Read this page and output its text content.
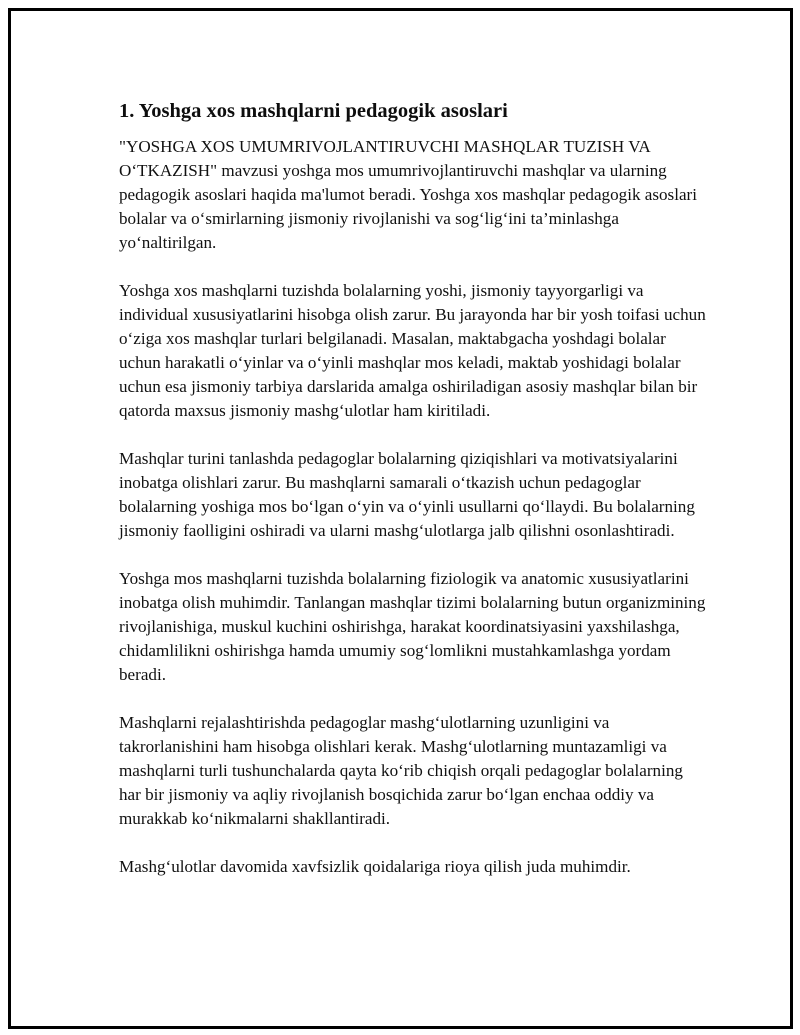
1. Yoshga xos mashqlarni pedagogik asoslari

"YOSHGA XOS UMUMRIVOJLANTIRUVCHI MASHQLAR TUZISH VA O‘TKAZISH" mavzusi yoshga mos umumrivojlantiruvchi mashqlar va ularning pedagogik asoslari haqida ma'lumot beradi. Yoshga xos mashqlar pedagogik asoslari bolalar va o‘smirlarning jismoniy rivojlanishi va sog‘lig‘ini ta’minlashga yo‘naltirilgan.

Yoshga xos mashqlarni tuzishda bolalarning yoshi, jismoniy tayyorgarligi va individual xususiyatlarini hisobga olish zarur. Bu jarayonda har bir yosh toifasi uchun o‘ziga xos mashqlar turlari belgilanadi. Masalan, maktabgacha yoshdagi bolalar uchun harakatli o‘yinlar va o‘yinli mashqlar mos keladi, maktab yoshidagi bolalar uchun esa jismoniy tarbiya darslarida amalga oshiriladigan asosiy mashqlar bilan bir qatorda maxsus jismoniy mashg‘ulotlar ham kiritiladi.

Mashqlar turini tanlashda pedagoglar bolalarning qiziqishlari va motivatsiyalarini inobatga olishlari zarur. Bu mashqlarni samarali o‘tkazish uchun pedagoglar bolalarning yoshiga mos bo‘lgan o‘yin va o‘yinli usullarni qo‘llaydi. Bu bolalarning jismoniy faolligini oshiradi va ularni mashg‘ulotlarga jalb qilishni osonlashtiradi.

Yoshga mos mashqlarni tuzishda bolalarning fiziologik va anatomic xususiyatlarini inobatga olish muhimdir. Tanlangan mashqlar tizimi bolalarning butun organizmining rivojlanishiga, muskul kuchini oshirishga, harakat koordinatsiyasini yaxshilashga, chidamlilikni oshirishga hamda umumiy sog‘lomlikni mustahkamlashga yordam beradi.

Mashqlarni rejalashtirishda pedagoglar mashg‘ulotlarning uzunligini va takrorlanishini ham hisobga olishlari kerak. Mashg‘ulotlarning muntazamligi va mashqlarni turli tushunchalarda qayta ko‘rib chiqish orqali pedagoglar bolalarning har bir jismoniy va aqliy rivojlanish bosqichida zarur bo‘lgan enchaa oddiy va murakkab ko‘nikmalarni shakllantiradi.

Mashg‘ulotlar davomida xavfsizlik qoidalariga rioya qilish juda muhimdir.
